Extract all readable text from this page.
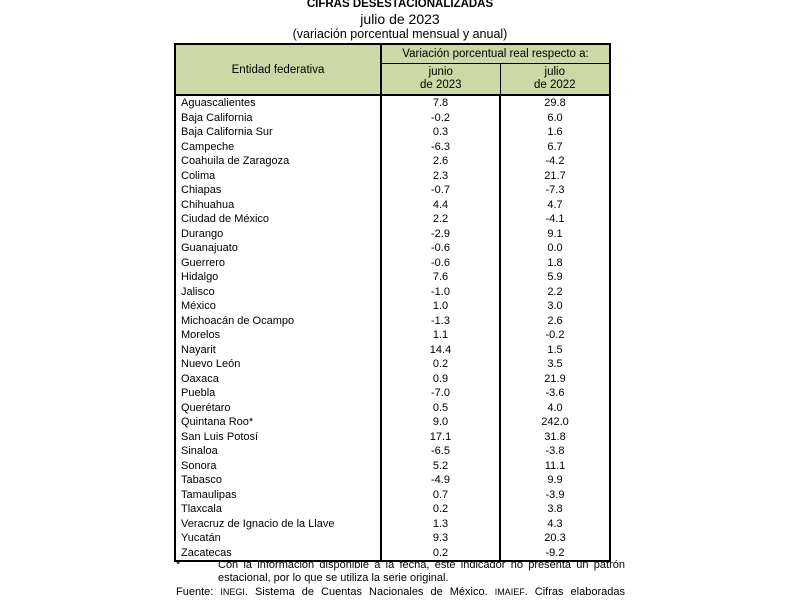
CIFRAS DESESTACIONALIZADAS
julio de 2023
(variación porcentual mensual y anual)
Entidad federativa	Variación porcentual real respecto a:	

junio
de 2023

julio
de 2022

Aguascalientes	7.8	29.8
Baja California	-0.2	6.0
Baja California Sur	0.3	1.6
Campeche	-6.3	6.7
Coahuila de Zaragoza	2.6	-4.2
Colima	2.3	21.7
Chiapas	-0.7	-7.3
Chihuahua	4.4	4.7
Ciudad de México	2.2	-4.1
Durango	-2.9	9.1
Guanajuato	-0.6	0.0
Guerrero	-0.6	1.8
Hidalgo	7.6	5.9
Jalisco	-1.0	2.2
México	1.0	3.0
Michoacán de Ocampo	-1.3	2.6
Morelos	1.1	-0.2
Nayarit	14.4	1.5
Nuevo León	0.2	3.5
Oaxaca	0.9	21.9
Puebla	-7.0	-3.6
Querétaro	0.5	4.0
Quintana Roo*	9.0	242.0
San Luis Potosí	17.1	31.8
Sinaloa	-6.5	-3.8
Sonora	5.2	11.1
Tabasco	-4.9	9.9
Tamaulipas	0.7	-3.9
Tlaxcala	0.2	3.8
Veracruz de Ignacio de la Llave	1.3	4.3
Yucatán	9.3	20.3
Zacatecas	0.2	-9.2
*	Con la información disponible a la fecha, este indicador no presenta un patrón
estacional, por lo que se utiliza la serie original.
Fuente: INEGI. Sistema de Cuentas Nacionales de México. IMAIEF. Cifras elaboradas
